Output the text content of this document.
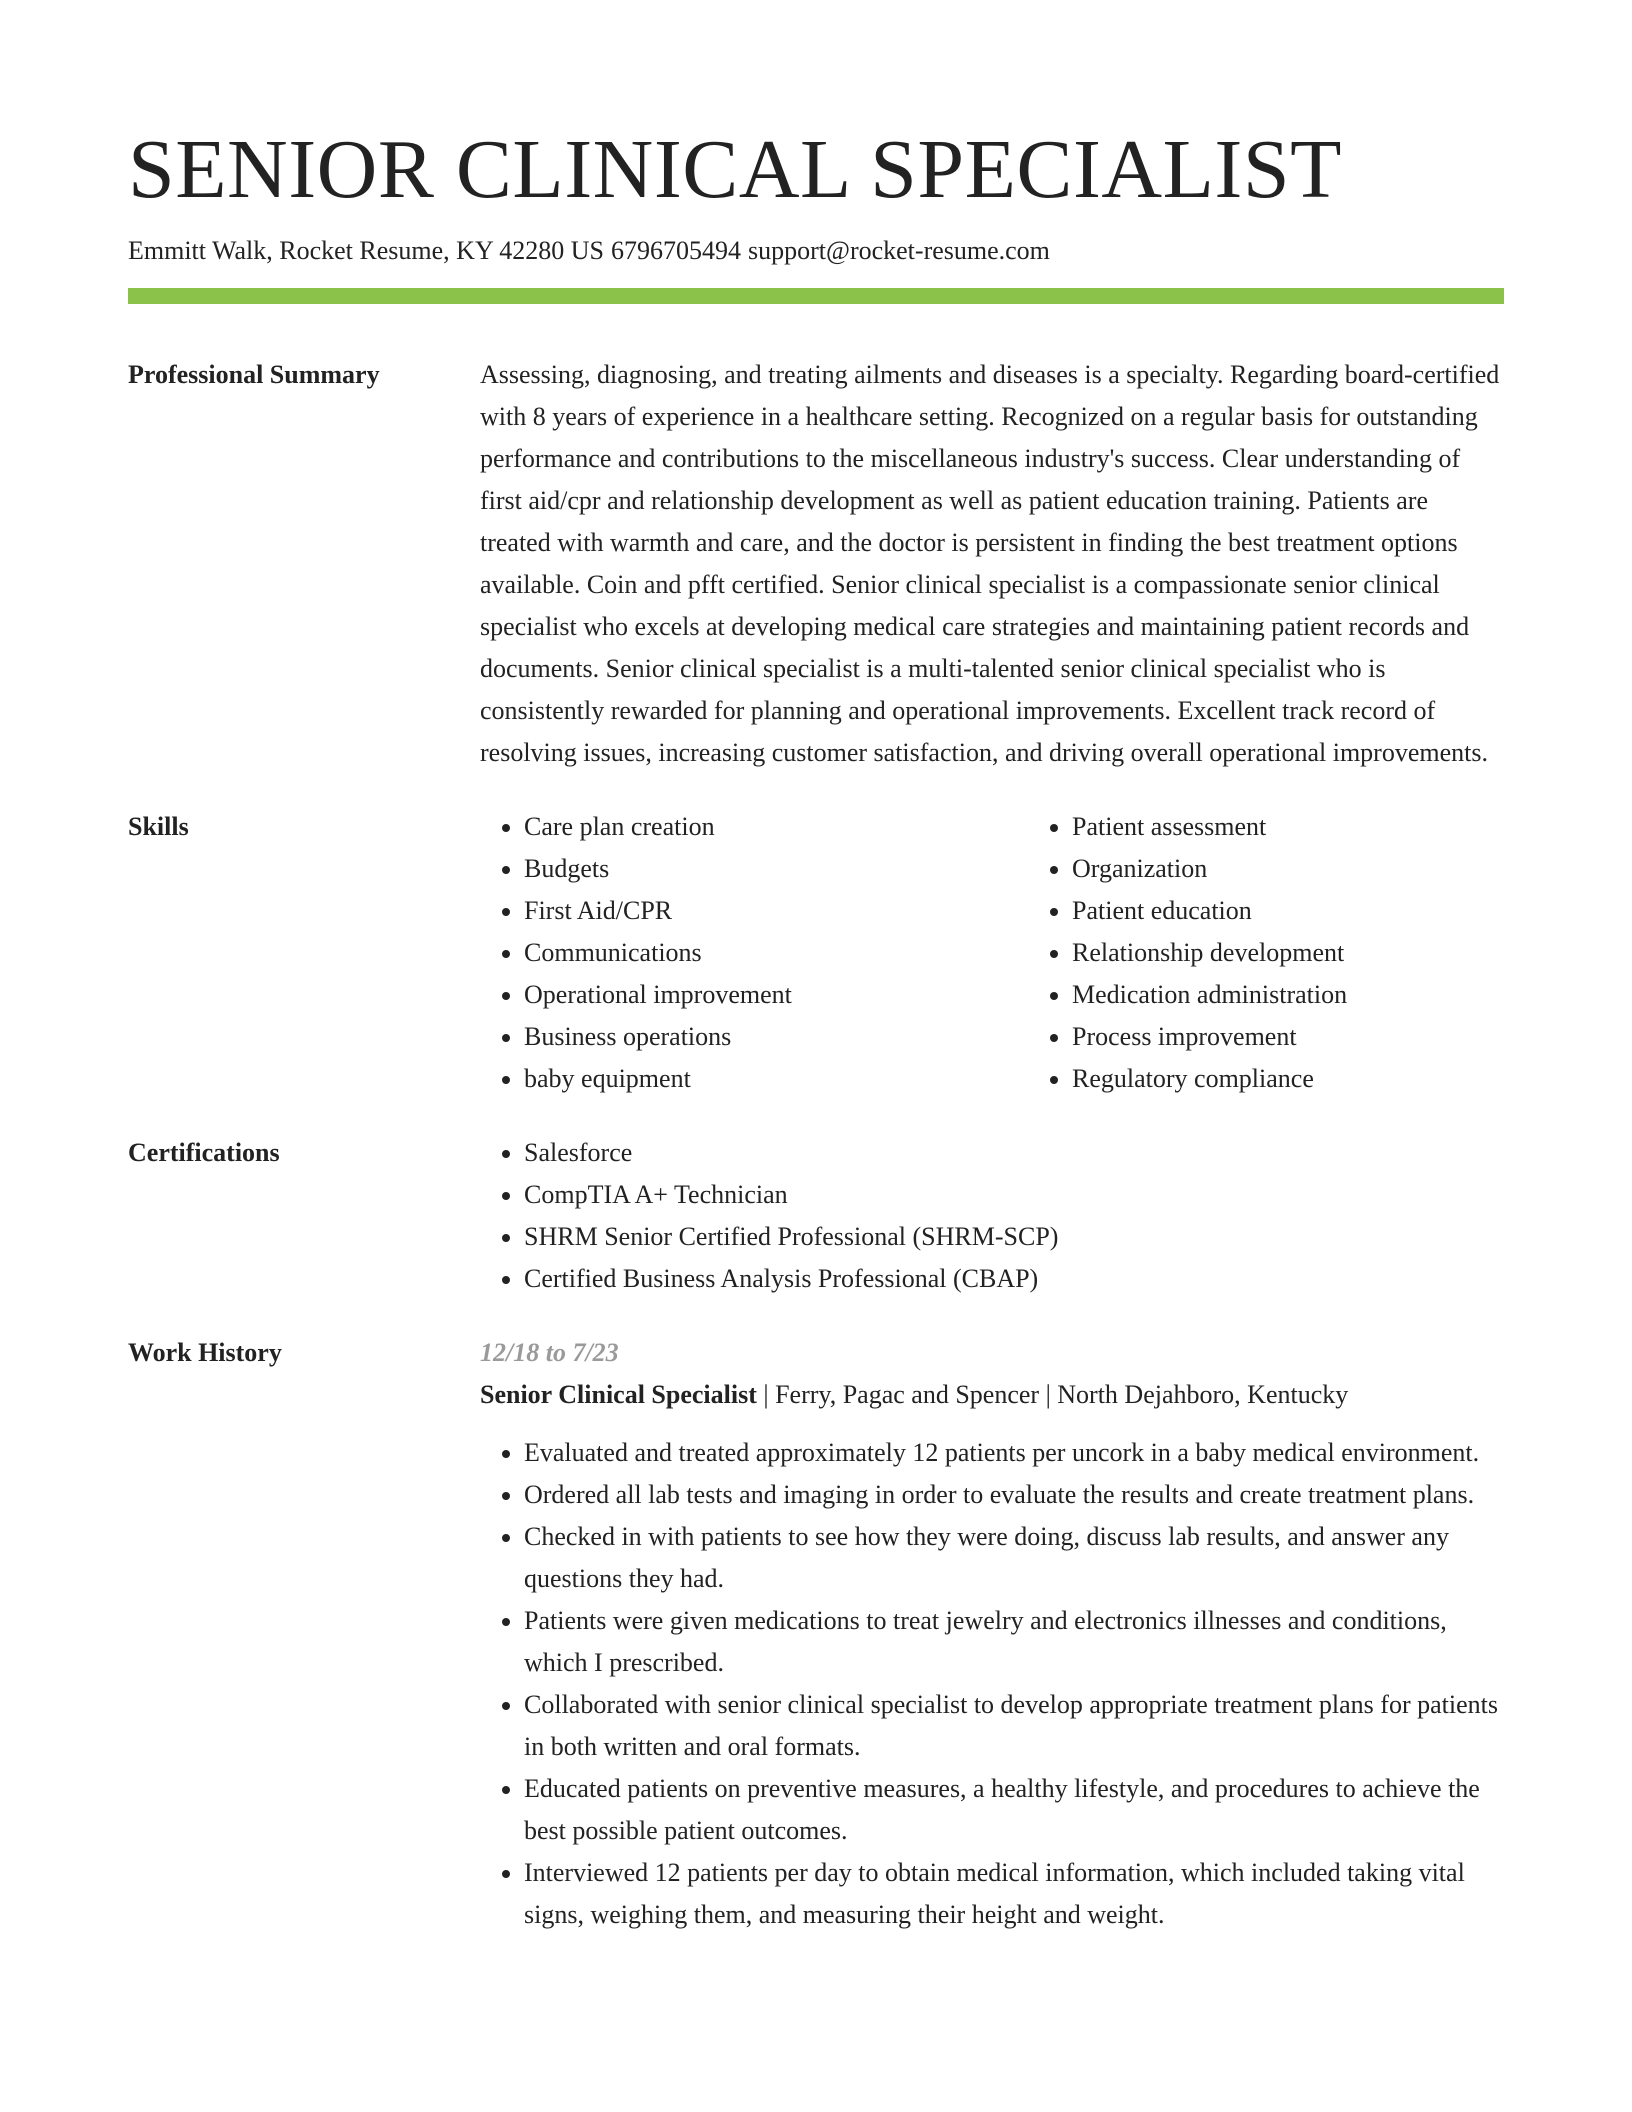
SENIOR CLINICAL SPECIALIST
Emmitt Walk, Rocket Resume, KY 42280 US 6796705494 support@rocket-resume.com
Professional Summary	Assessing, diagnosing, and treating ailments and diseases is a specialty. Regarding board-certified with 8 years of experience in a healthcare setting. Recognized on a regular basis for outstanding performance and contributions to the miscellaneous industry's success. Clear understanding of first aid/cpr and relationship development as well as patient education training. Patients are treated with warmth and care, and the doctor is persistent in finding the best treatment options available. Coin and pfft certified. Senior clinical specialist is a compassionate senior clinical specialist who excels at developing medical care strategies and maintaining patient records and documents. Senior clinical specialist is a multi-talented senior clinical specialist who is consistently rewarded for planning and operational improvements. Excellent track record of resolving issues, increasing customer satisfaction, and driving overall operational improvements.
Skills	• Care plan creation
• Budgets
• First Aid/CPR
• Communications
• Operational improvement
• Business operations
• baby equipment
• Patient assessment
• Organization
• Patient education
• Relationship development
• Medication administration
• Process improvement
• Regulatory compliance
Certifications	• Salesforce
• CompTIA A+ Technician
• SHRM Senior Certified Professional (SHRM-SCP)
• Certified Business Analysis Professional (CBAP)
Work History	12/18 to 7/23
Senior Clinical Specialist | Ferry, Pagac and Spencer | North Dejahboro, Kentucky
• Evaluated and treated approximately 12 patients per uncork in a baby medical environment.
• Ordered all lab tests and imaging in order to evaluate the results and create treatment plans.
• Checked in with patients to see how they were doing, discuss lab results, and answer any questions they had.
• Patients were given medications to treat jewelry and electronics illnesses and conditions, which I prescribed.
• Collaborated with senior clinical specialist to develop appropriate treatment plans for patients in both written and oral formats.
• Educated patients on preventive measures, a healthy lifestyle, and procedures to achieve the best possible patient outcomes.
• Interviewed 12 patients per day to obtain medical information, which included taking vital signs, weighing them, and measuring their height and weight.
